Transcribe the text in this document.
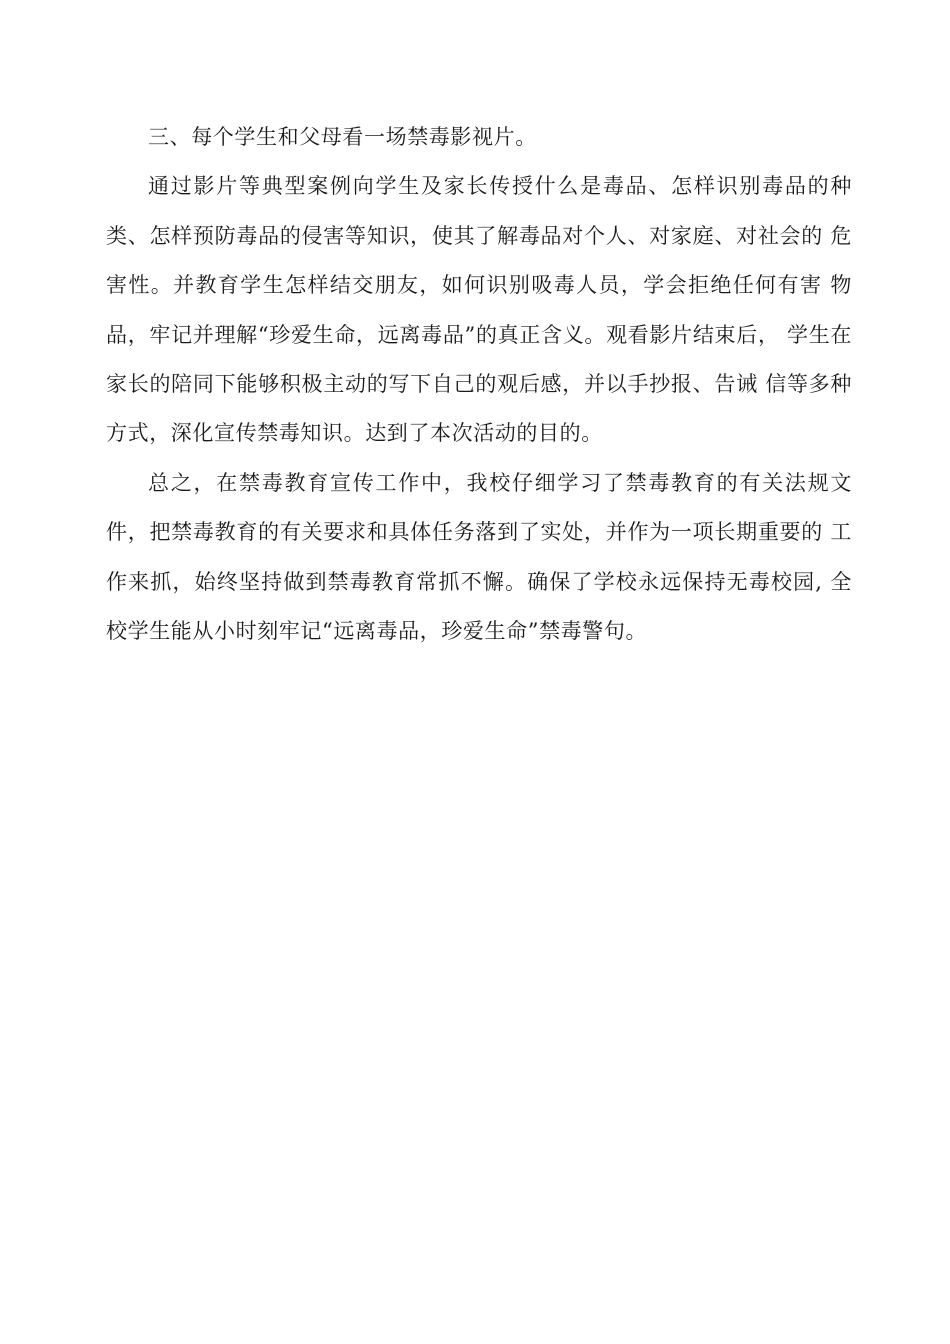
三、每个学生和父母看一场禁毒影视片。

通过影片等典型案例向学生及家长传授什么是毒品、怎样识别毒品的种类、怎样预防毒品的侵害等知识，使其了解毒品对个人、对家庭、对社会的 危害性。并教育学生怎样结交朋友，如何识别吸毒人员，学会拒绝任何有害 物品，牢记并理解“珍爱生命，远离毒品”的真正含义。观看影片结束后， 学生在家长的陪同下能够积极主动的写下自己的观后感，并以手抄报、告诫 信等多种方式，深化宣传禁毒知识。达到了本次活动的目的。

总之，在禁毒教育宣传工作中，我校仔细学习了禁毒教育的有关法规文件，把禁毒教育的有关要求和具体任务落到了实处，并作为一项长期重要的 工作来抓，始终坚持做到禁毒教育常抓不懈。确保了学校永远保持无毒校园, 全校学生能从小时刻牢记“远离毒品，珍爱生命”禁毒警句。
